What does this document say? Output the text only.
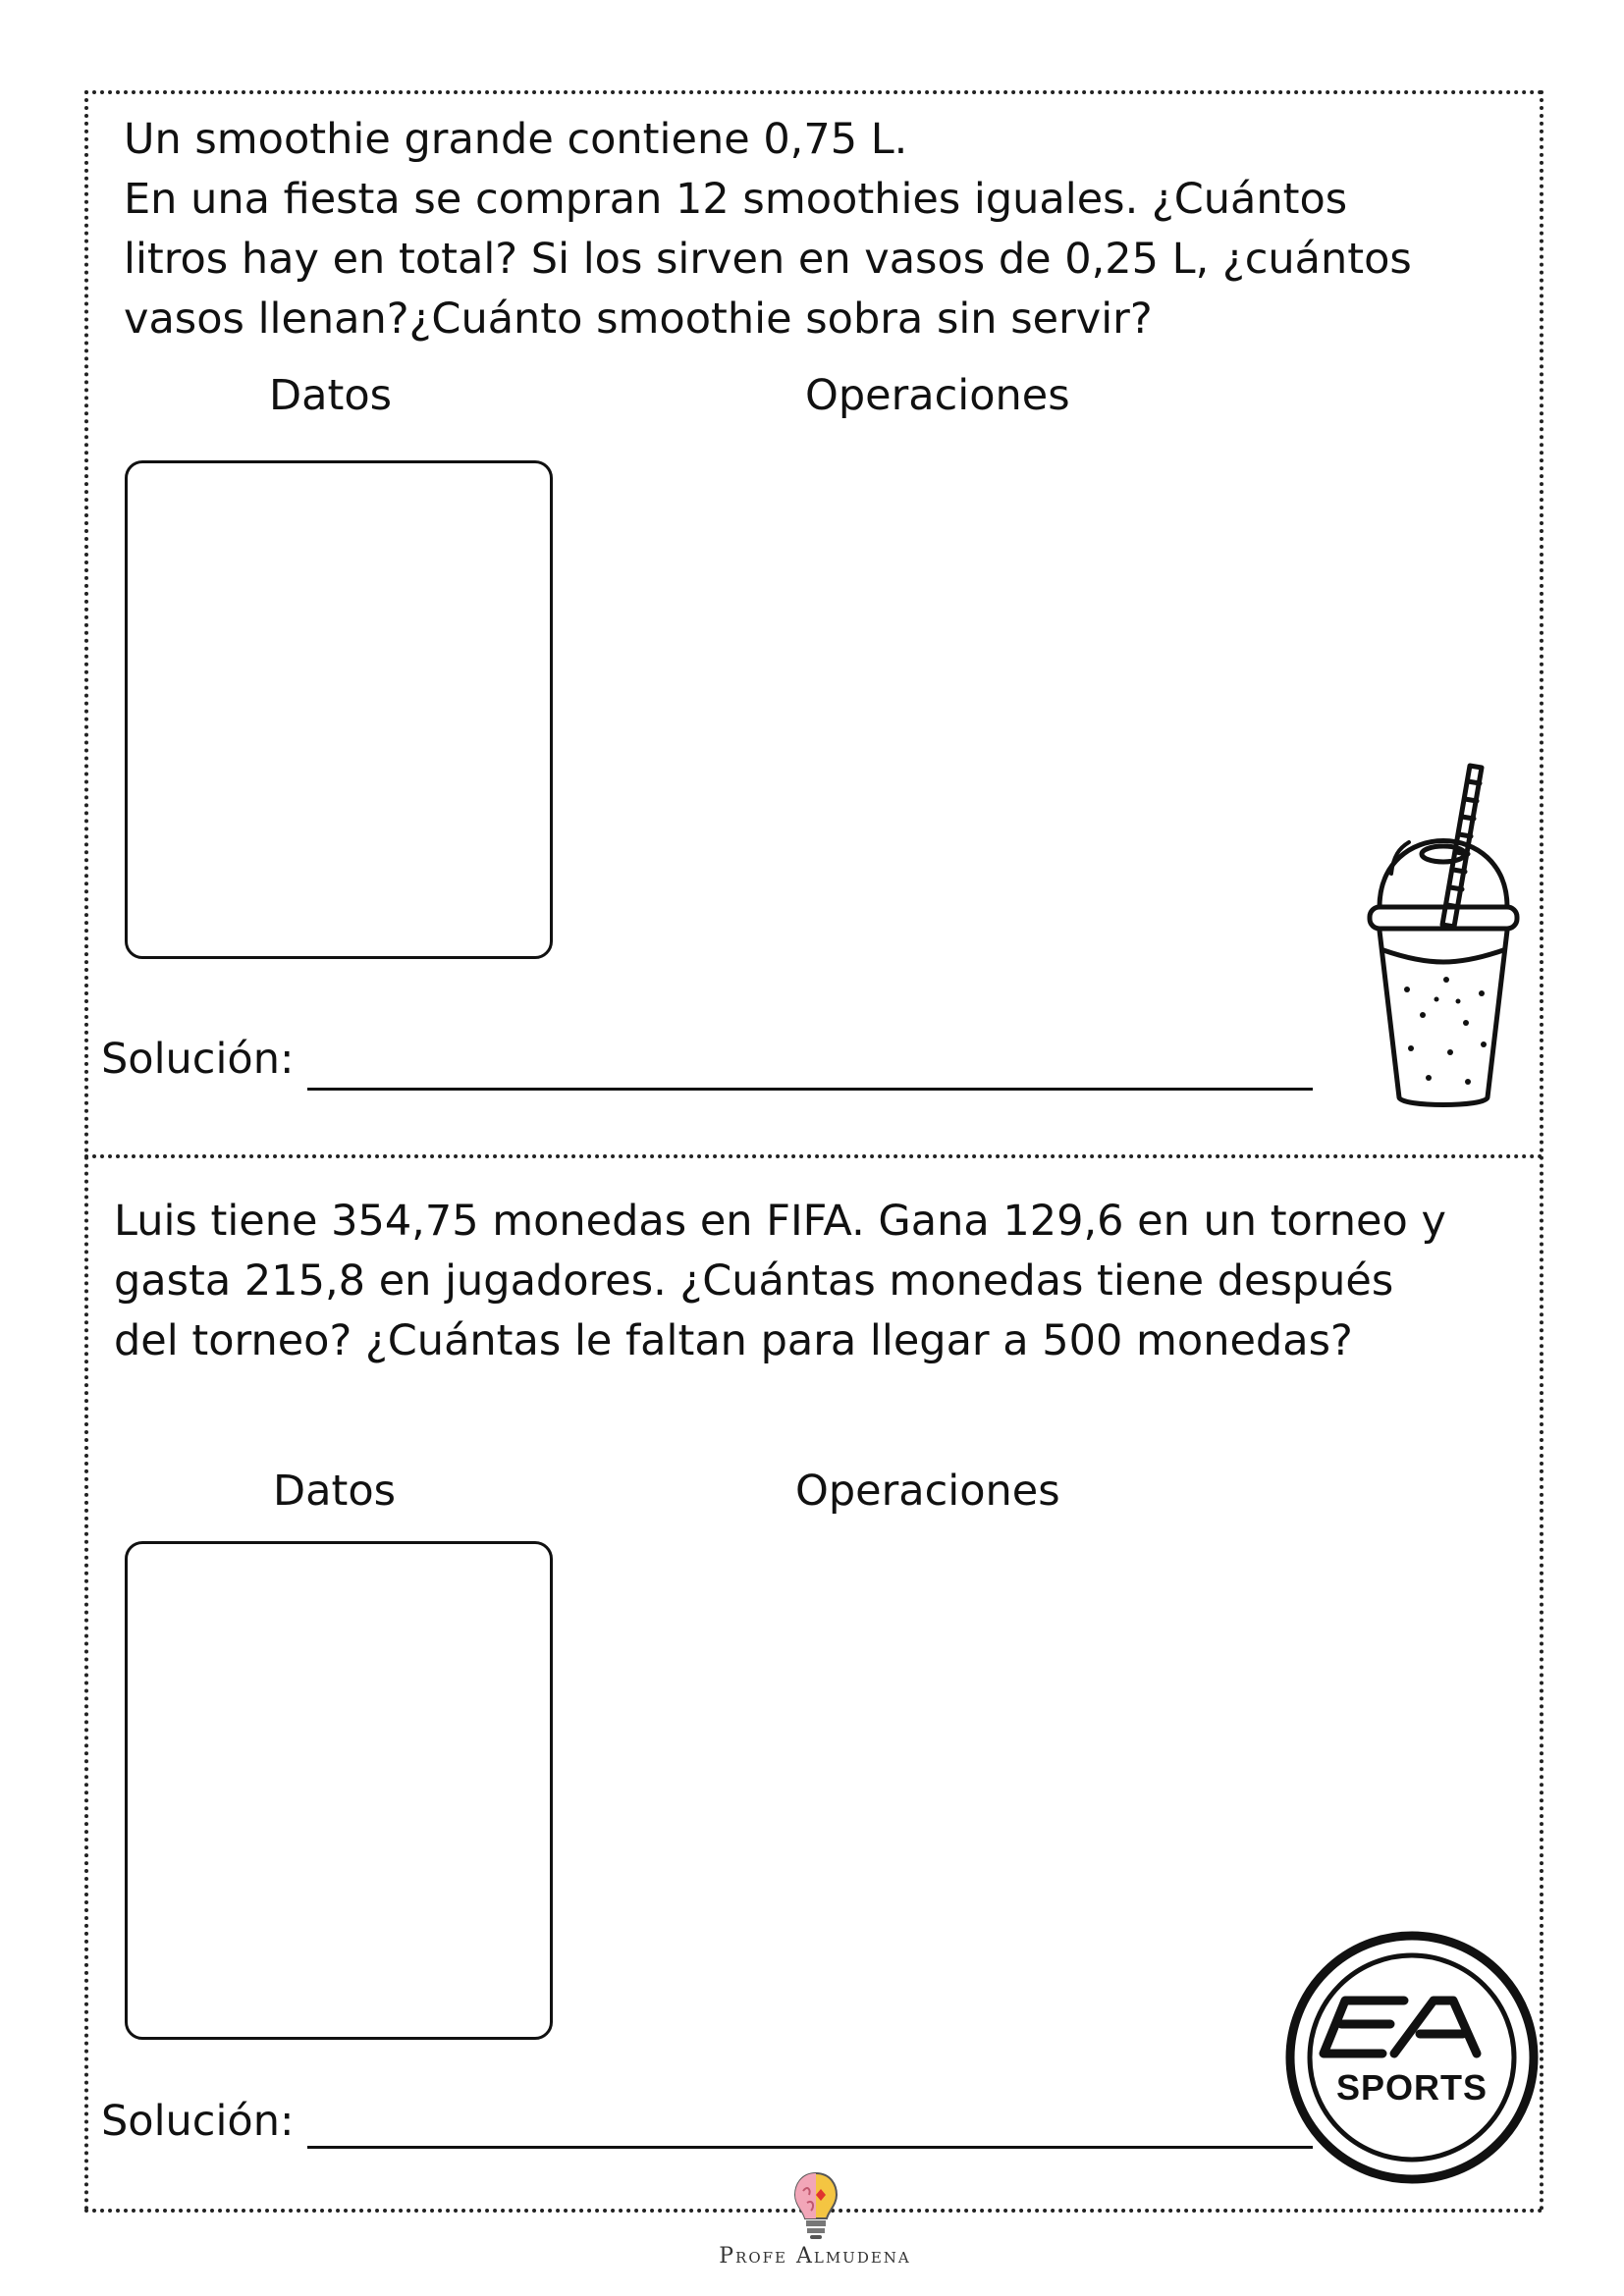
Un smoothie grande contiene 0,75 L.
En una fiesta se compran 12 smoothies iguales. ¿Cuántos
litros hay en total? Si los sirven en vasos de 0,25 L, ¿cuántos
vasos llenan?¿Cuánto smoothie sobra sin servir?

Datos	Operaciones
Solución:

Luis tiene 354,75 monedas en FIFA. Gana 129,6 en un torneo y
gasta 215,8 en jugadores. ¿Cuántas monedas tiene después
del torneo? ¿Cuántas le faltan para llegar a 500 monedas?

Datos	Operaciones
Solución:
SPORTS
Profe Almudena
